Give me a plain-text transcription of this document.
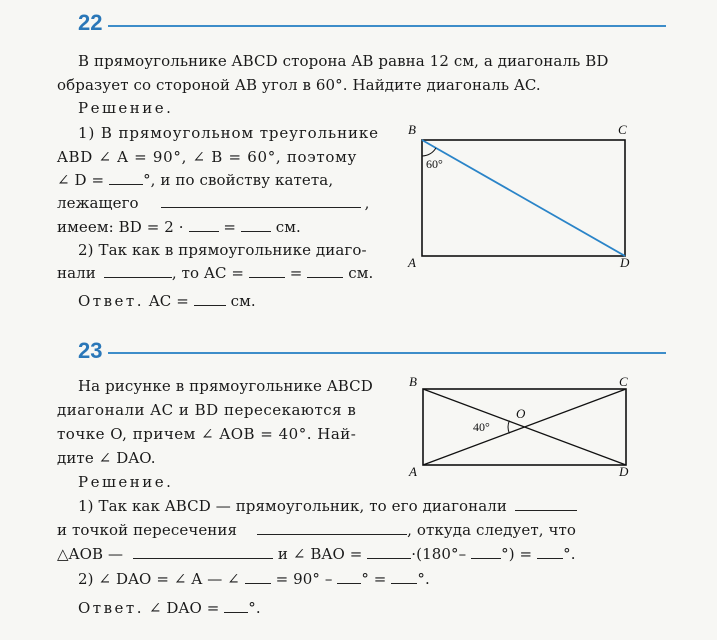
22
В прямоугольнике ABCD сторона AB равна 12 см, а диагональ BD
образует со стороной AB угол в 60°. Найдите диагональ AC.
Решение.
1) В прямоугольном треугольнике
ABD ∠ A = 90°, ∠ B = 60°, поэтому
∠ D = °, и по свойству катета,
лежащего	,
имеем: BD = 2 ·  =  см.
2) Так как в прямоугольнике диаго-
нали	, то AC =  =  см.
Ответ. AC =  см.
B	C
A	D
60°
23
На рисунке в прямоугольнике ABCD
диагонали AC и BD пересекаются в
точке O, причем ∠ AOB = 40°. Най-
дите ∠ DAO.
Решение.
1) Так как ABCD — прямоугольник, то его диагонали
и точкой пересечения	, откуда следует, что
△AOB —	и ∠ BAO =	·(180°– °) = °.
2) ∠ DAO = ∠ A — ∠  = 90° – ° = °.
Ответ. ∠ DAO = °.
B	C
A	D
O
40°
